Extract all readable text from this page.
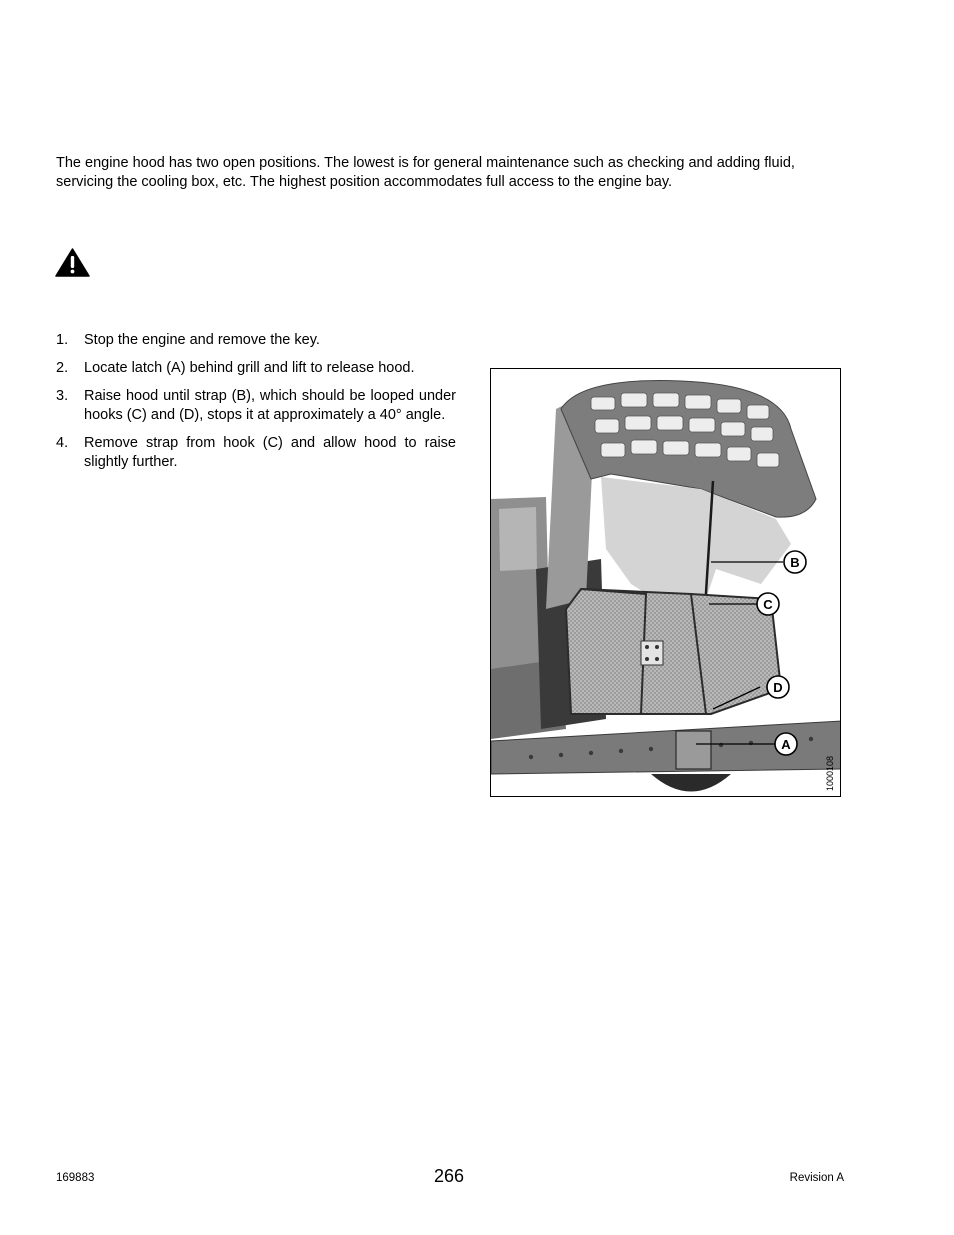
The engine hood has two open positions. The lowest is for general maintenance such as checking and adding fluid, servicing the cooling box, etc. The highest position accommodates full access to the engine bay.

1. Stop the engine and remove the key.
2. Locate latch (A) behind grill and lift to release hood.
3. Raise hood until strap (B), which should be looped under hooks (C) and (D), stops it at approximately a 40° angle.
4. Remove strap from hook (C) and allow hood to raise slightly further.
B
C
D
A
1000108
169883	266	Revision A
